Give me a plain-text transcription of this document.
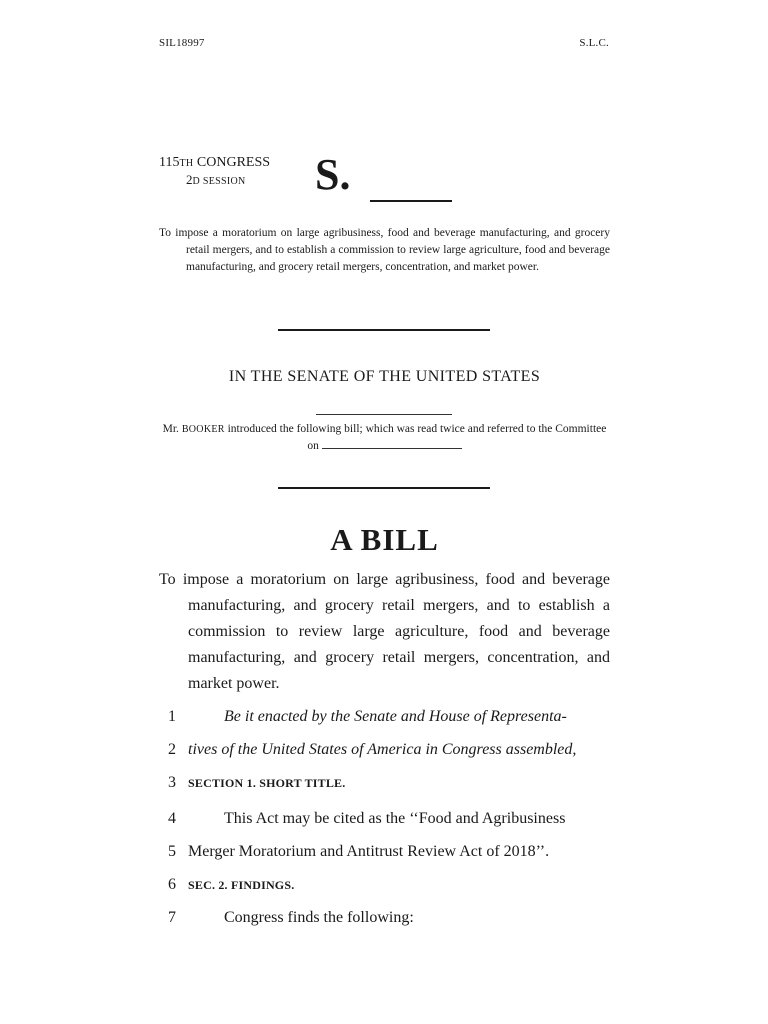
SIL18997	S.L.C.
115TH CONGRESS
2D SESSION S.
To impose a moratorium on large agribusiness, food and beverage manufacturing, and grocery retail mergers, and to establish a commission to review large agriculture, food and beverage manufacturing, and grocery retail mergers, concentration, and market power.
IN THE SENATE OF THE UNITED STATES
Mr. BOOKER introduced the following bill; which was read twice and referred to the Committee on
A BILL
To impose a moratorium on large agribusiness, food and beverage manufacturing, and grocery retail mergers, and to establish a commission to review large agriculture, food and beverage manufacturing, and grocery retail mergers, concentration, and market power.
1	Be it enacted by the Senate and House of Representa-
2 tives of the United States of America in Congress assembled,
3 SECTION 1. SHORT TITLE.
4	This Act may be cited as the ‘‘Food and Agribusiness
5 Merger Moratorium and Antitrust Review Act of 2018’’.
6 SEC. 2. FINDINGS.
7	Congress finds the following:
